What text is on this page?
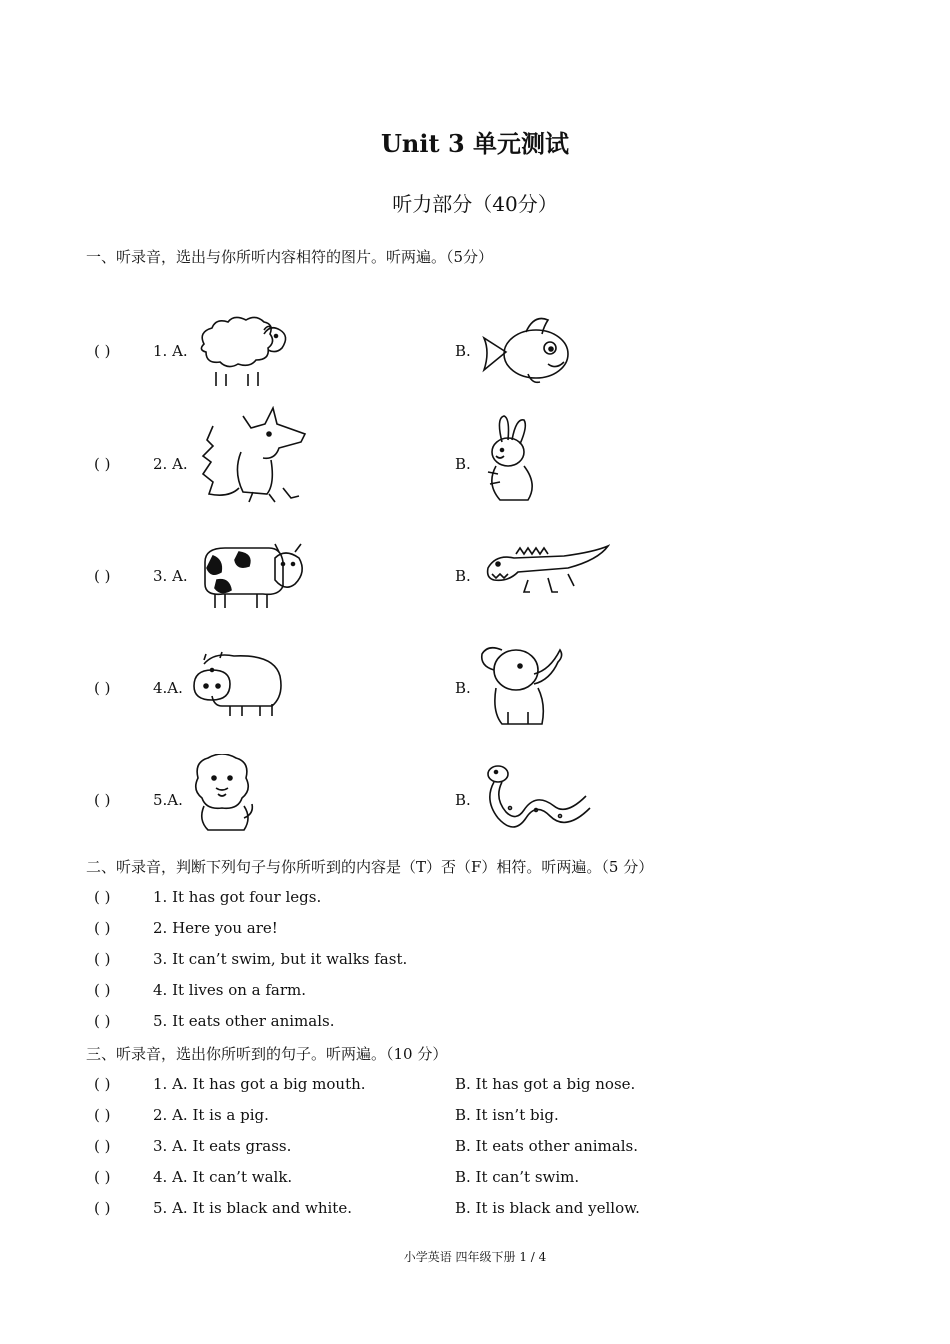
Unit 3 单元测试
听力部分（40分）
一、听录音，选出与你所听内容相符的图片。听两遍。（5分）
( )	1. A.	B.
( )	2. A.	B.
( )	3. A.	B.
( )	4.A.	B.
( )	5.A.	B.
二、听录音，判断下列句子与你所听到的内容是（T）否（F）相符。听两遍。（5 分）
( )	1. It has got four legs.
( )	2. Here you are!
( )	3. It can’t swim, but it walks fast.
( )	4. It lives on a farm.
( )	5. It eats other animals.
三、听录音，选出你所听到的句子。听两遍。（10 分）
( )	1. A. It has got a big mouth.	B. It has got a big nose.
( )	2. A. It is a pig.	B. It isn’t big.
( )	3. A. It eats grass.	B. It eats other animals.
( )	4. A. It can’t walk.	B. It can’t swim.
( )	5. A. It is black and white.	B. It is black and yellow.
小学英语 四年级下册 1 / 4
